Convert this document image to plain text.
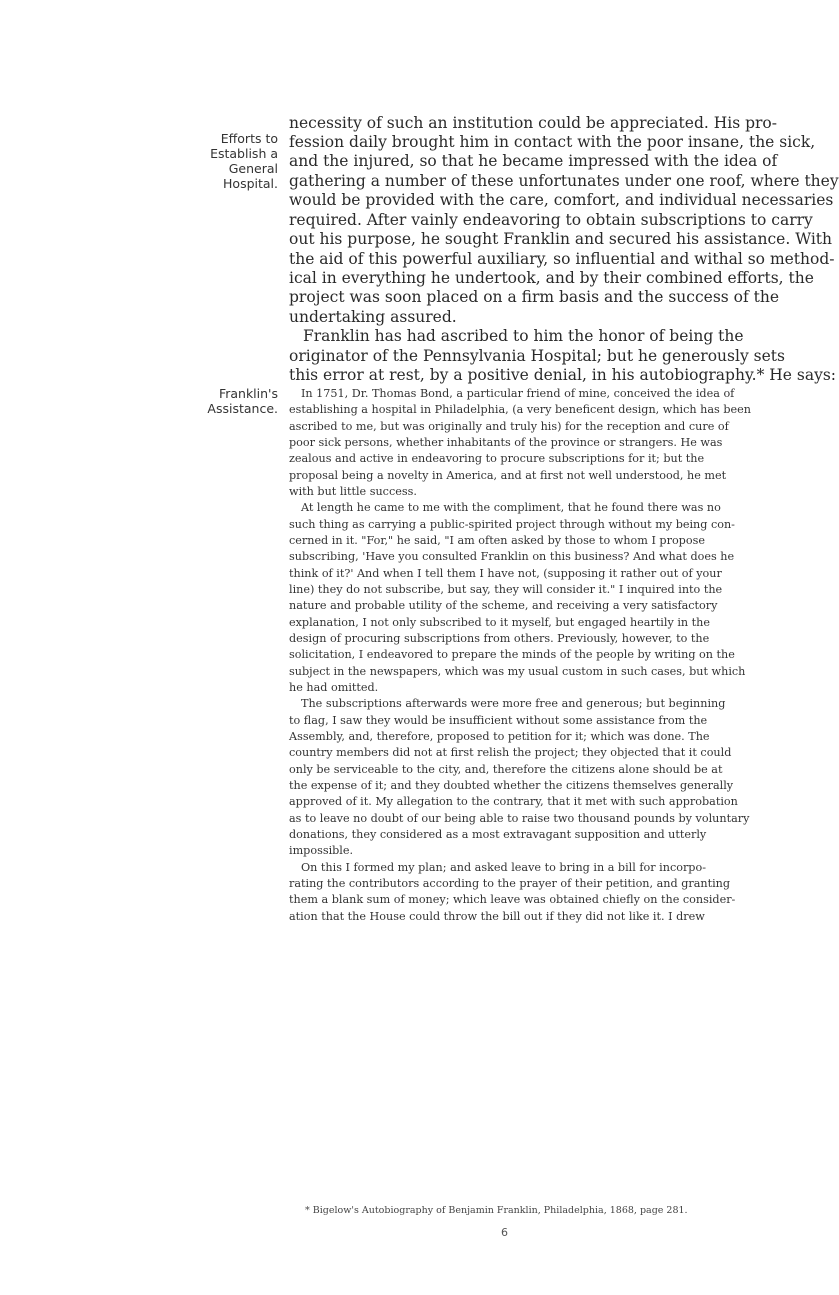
Efforts to
Establish a
General
Hospital.
Franklin's
Assistance.
necessity of such an institution could be appreciated. His pro-
fession daily brought him in contact with the poor insane, the sick,
and the injured, so that he became impressed with the idea of
gathering a number of these unfortunates under one roof, where they
would be provided with the care, comfort, and individual necessaries
required. After vainly endeavoring to obtain subscriptions to carry
out his purpose, he sought Franklin and secured his assistance. With
the aid of this powerful auxiliary, so influential and withal so method-
ical in everything he undertook, and by their combined efforts, the
project was soon placed on a firm basis and the success of the
undertaking assured.
Franklin has had ascribed to him the honor of being the
originator of the Pennsylvania Hospital; but he generously sets
this error at rest, by a positive denial, in his autobiography.* He says:
In 1751, Dr. Thomas Bond, a particular friend of mine, conceived the idea of
establishing a hospital in Philadelphia, (a very beneficent design, which has been
ascribed to me, but was originally and truly his) for the reception and cure of
poor sick persons, whether inhabitants of the province or strangers. He was
zealous and active in endeavoring to procure subscriptions for it; but the
proposal being a novelty in America, and at first not well understood, he met
with but little success.
At length he came to me with the compliment, that he found there was no
such thing as carrying a public-spirited project through without my being con-
cerned in it. "For," he said, "I am often asked by those to whom I propose
subscribing, 'Have you consulted Franklin on this business? And what does he
think of it?' And when I tell them I have not, (supposing it rather out of your
line) they do not subscribe, but say, they will consider it." I inquired into the
nature and probable utility of the scheme, and receiving a very satisfactory
explanation, I not only subscribed to it myself, but engaged heartily in the
design of procuring subscriptions from others. Previously, however, to the
solicitation, I endeavored to prepare the minds of the people by writing on the
subject in the newspapers, which was my usual custom in such cases, but which
he had omitted.
The subscriptions afterwards were more free and generous; but beginning
to flag, I saw they would be insufficient without some assistance from the
Assembly, and, therefore, proposed to petition for it; which was done. The
country members did not at first relish the project; they objected that it could
only be serviceable to the city, and, therefore the citizens alone should be at
the expense of it; and they doubted whether the citizens themselves generally
approved of it. My allegation to the contrary, that it met with such approbation
as to leave no doubt of our being able to raise two thousand pounds by voluntary
donations, they considered as a most extravagant supposition and utterly
impossible.
On this I formed my plan; and asked leave to bring in a bill for incorpo-
rating the contributors according to the prayer of their petition, and granting
them a blank sum of money; which leave was obtained chiefly on the consider-
ation that the House could throw the bill out if they did not like it. I drew
* Bigelow's Autobiography of Benjamin Franklin, Philadelphia, 1868, page 281.
6
